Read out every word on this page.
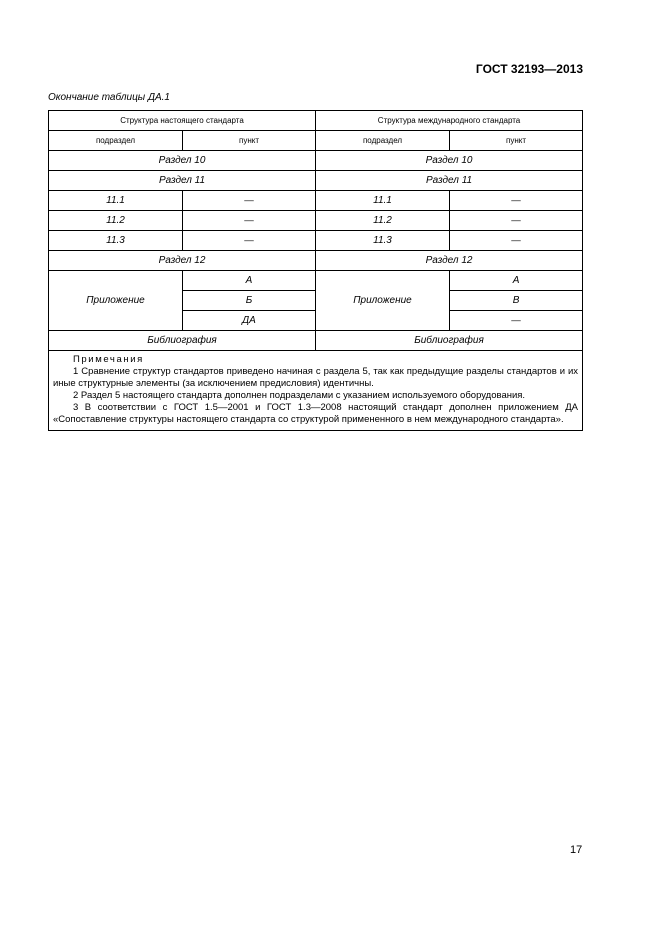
ГОСТ 32193—2013
Окончание таблицы ДА.1
Структура настоящего стандарта		Структура международного стандарта	
подраздел	пункт	подраздел	пункт
Раздел 10		Раздел 10	
Раздел 11		Раздел 11	
11.1	—	11.1	—
11.2	—	11.2	—
11.3	—	11.3	—
Раздел 12		Раздел 12	
Приложение	А	Приложение	А
	Б		В
	ДА		—
Библиография		Библиография	

Примечания
1 Сравнение структур стандартов приведено начиная с раздела 5, так как предыдущие разделы стандартов и их иные структурные элементы (за исключением предисловия) идентичны.
2 Раздел 5 настоящего стандарта дополнен подразделами с указанием используемого оборудования.
3 В соответствии с ГОСТ 1.5—2001 и ГОСТ 1.3—2008 настоящий стандарт дополнен приложением ДА «Сопоставление структуры настоящего стандарта со структурой примененного в нем международного стандарта».			
17
